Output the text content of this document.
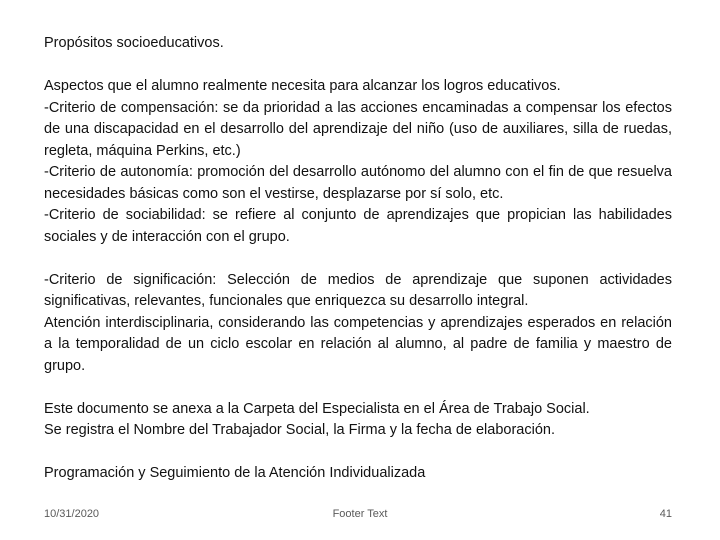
Propósitos socioeducativos.

Aspectos que el alumno realmente necesita para alcanzar los logros educativos.

-Criterio de compensación: se da prioridad a las acciones encaminadas a compensar los efectos de una discapacidad en el desarrollo del aprendizaje del niño (uso de auxiliares, silla de ruedas, regleta, máquina Perkins, etc.)

-Criterio de autonomía: promoción del desarrollo autónomo del alumno con el fin de que resuelva necesidades básicas como son el vestirse, desplazarse por sí solo, etc.

-Criterio de sociabilidad: se refiere al conjunto de aprendizajes que propician las habilidades sociales y de interacción con el grupo.

-Criterio de significación: Selección de medios de aprendizaje que suponen actividades significativas, relevantes, funcionales que enriquezca su desarrollo integral.

Atención interdisciplinaria, considerando las competencias y aprendizajes esperados en relación a la temporalidad de un ciclo escolar en relación al alumno, al padre de familia y maestro de grupo.

Este documento se anexa a la Carpeta del Especialista en el Área de Trabajo Social.

Se registra el Nombre del Trabajador Social, la Firma y la fecha de elaboración.

Programación y Seguimiento de la Atención Individualizada

10/31/2020	Footer Text	41
